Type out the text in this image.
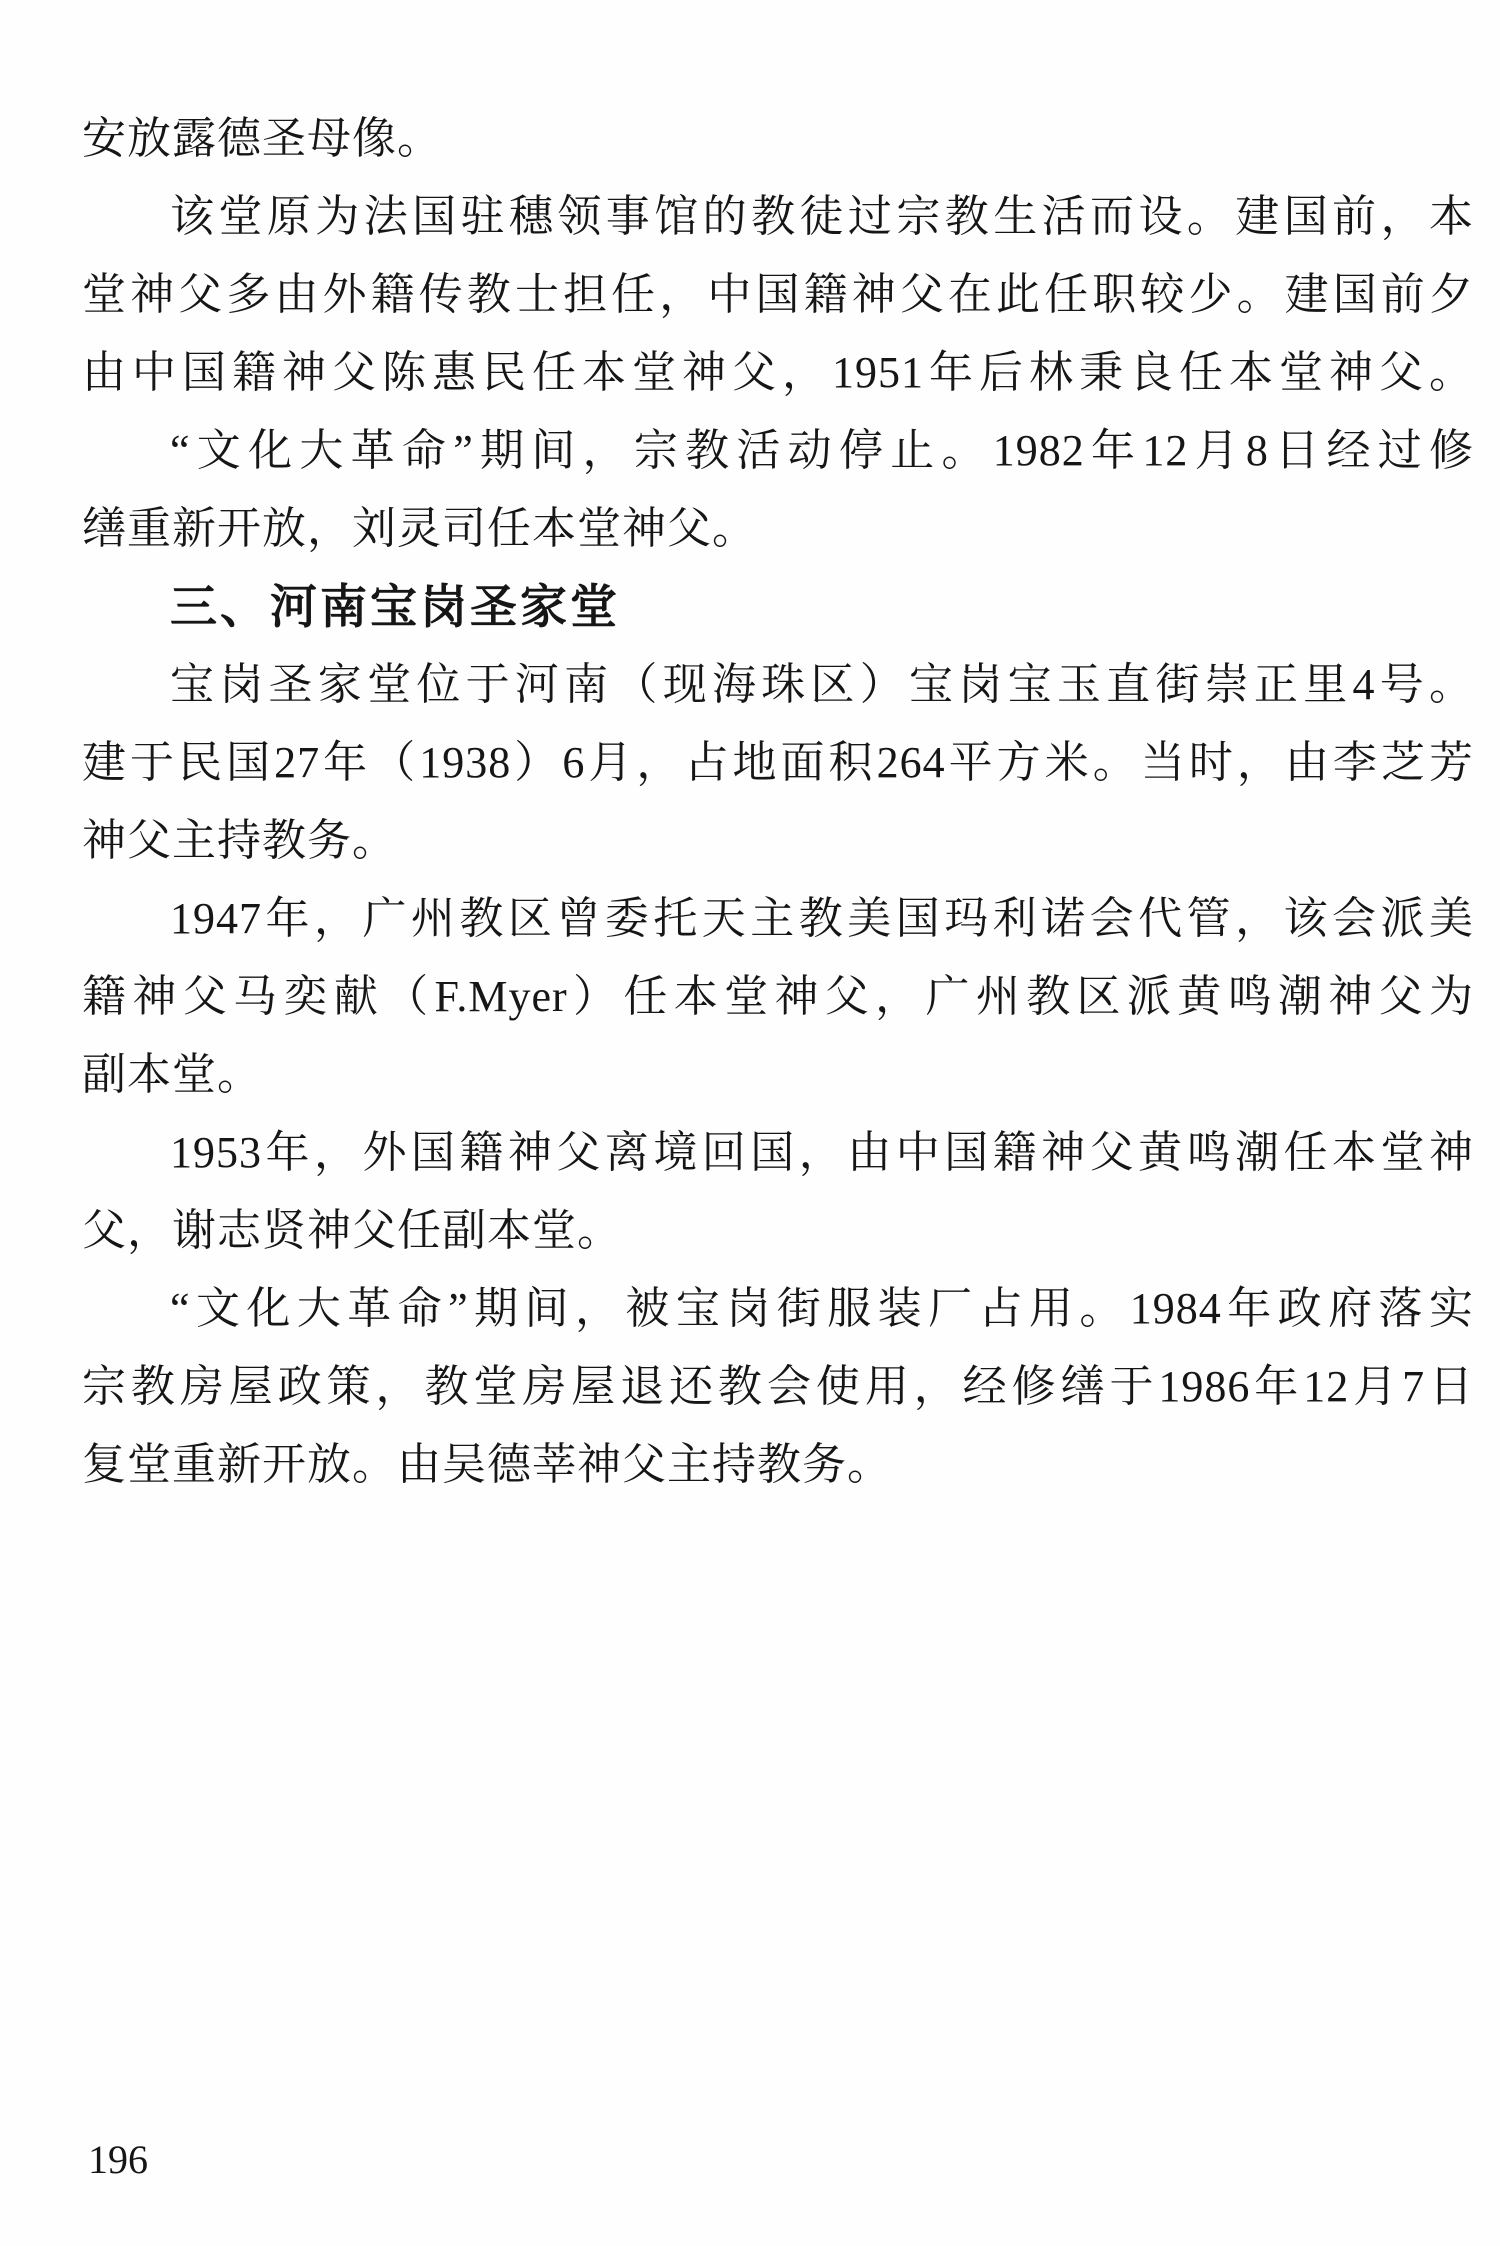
安放露德圣母像。
该堂原为法国驻穗领事馆的教徒过宗教生活而设。建国前，本
堂神父多由外籍传教士担任，中国籍神父在此任职较少。建国前夕
由中国籍神父陈惠民任本堂神父，1951年后林秉良任本堂神父。
“文化大革命”期间，宗教活动停止。1982年12月8日经过修
缮重新开放，刘灵司任本堂神父。
三、河南宝岗圣家堂
宝岗圣家堂位于河南（现海珠区）宝岗宝玉直街崇正里4号。
建于民国27年（1938）6月，占地面积264平方米。当时，由李芝芳
神父主持教务。
1947年，广州教区曾委托天主教美国玛利诺会代管，该会派美
籍神父马奕献（F.Myer）任本堂神父，广州教区派黄鸣潮神父为
副本堂。
1953年，外国籍神父离境回国，由中国籍神父黄鸣潮任本堂神
父，谢志贤神父任副本堂。
“文化大革命”期间，被宝岗街服装厂占用。1984年政府落实
宗教房屋政策，教堂房屋退还教会使用，经修缮于1986年12月7日
复堂重新开放。由吴德莘神父主持教务。
196
